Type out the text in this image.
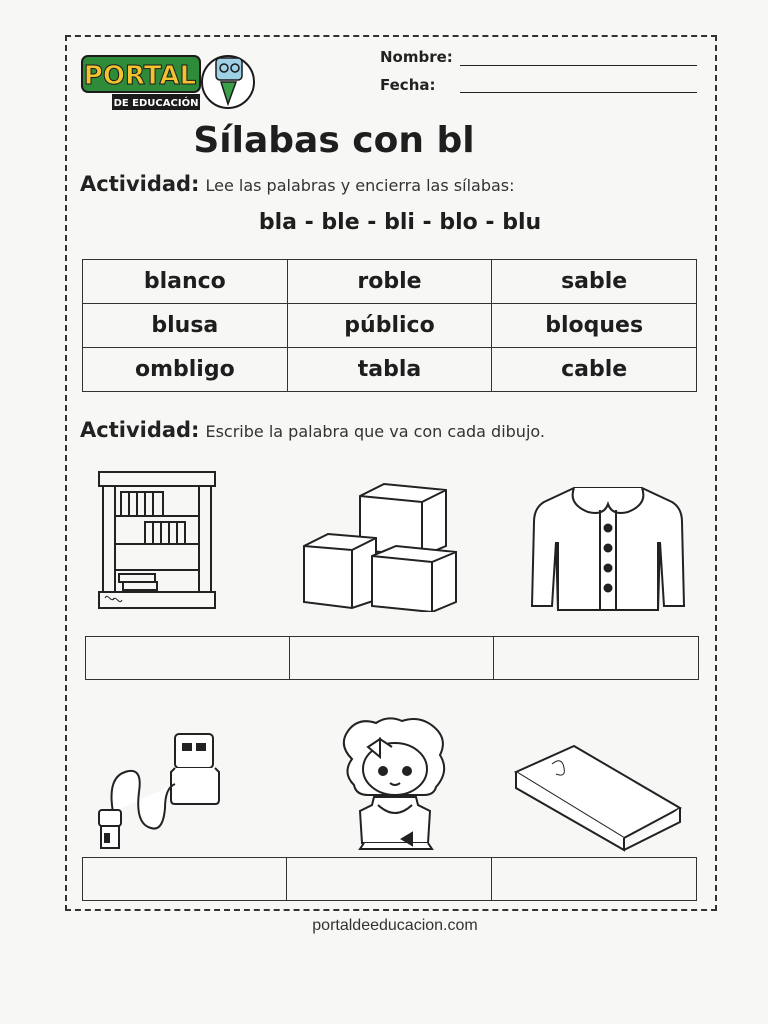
PORTAL
DE EDUCACIÓN
Nombre:
Fecha:
Sílabas con bl
Actividad: Lee las palabras y encierra las sílabas:
bla - ble - bli - blo - blu
blanco	roble	sable
blusa	público	bloques
ombligo	tabla	cable
Actividad: Escribe la palabra que va con cada dibujo.
portaldeeducacion.com
